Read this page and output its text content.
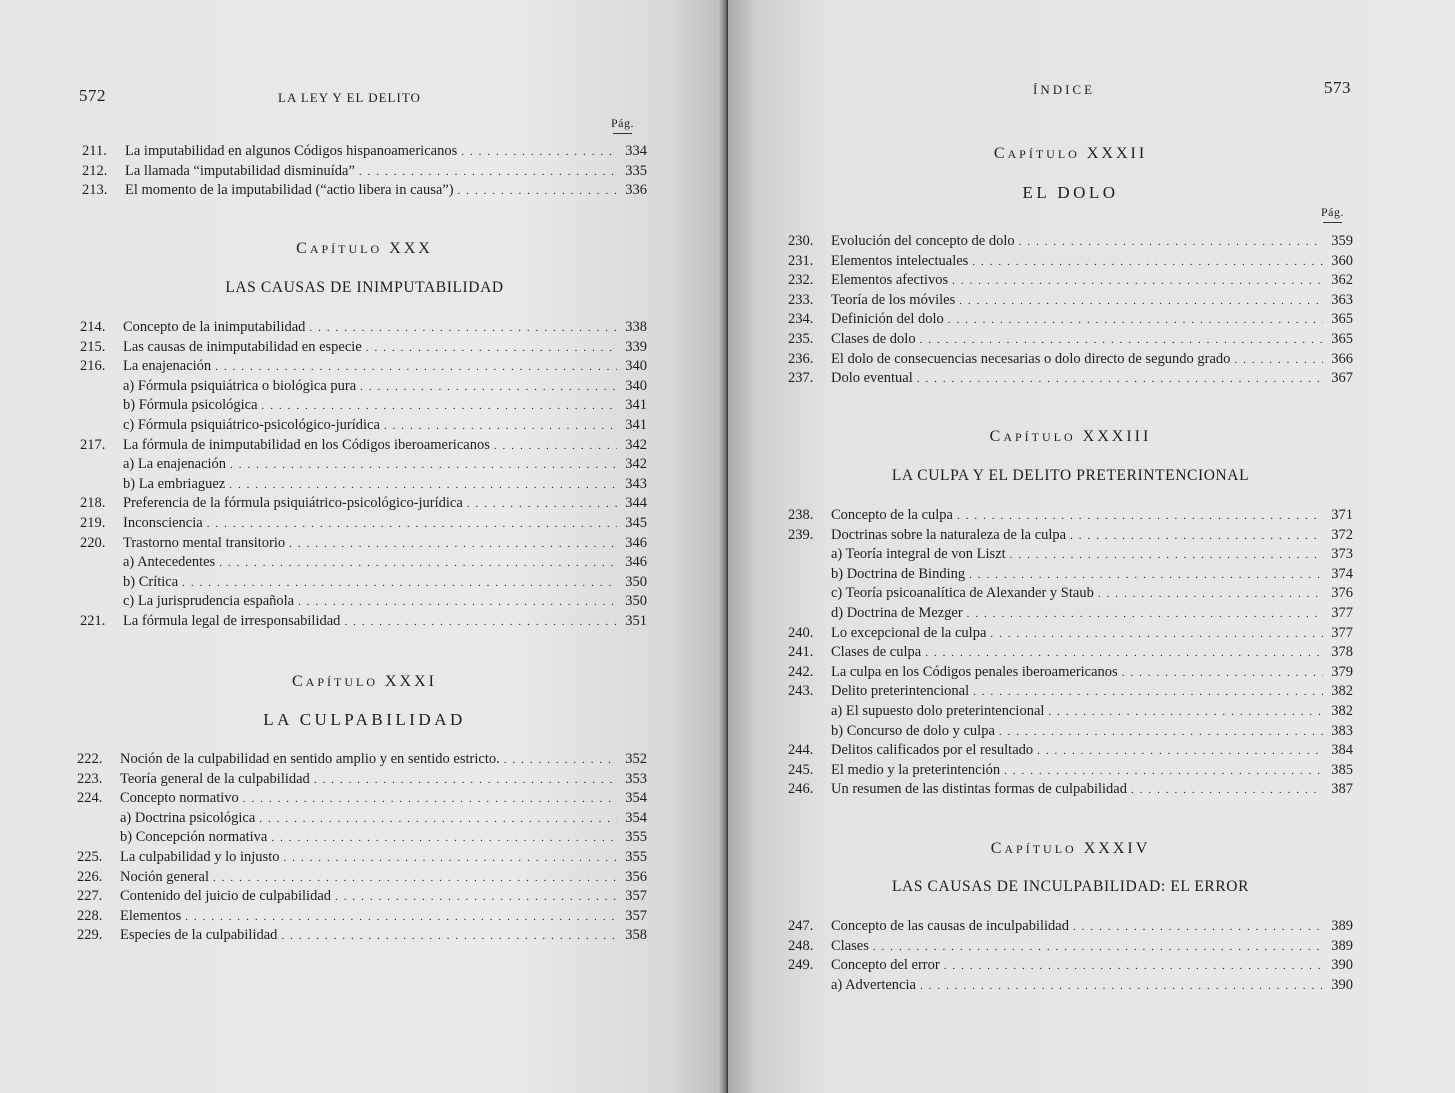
572	LA LEY Y EL DELITO
Pág.
211.	La imputabilidad en algunos Códigos hispanoamericanos . . .	334
212.	La llamada “imputabilidad disminuída” . . .	335
213.	El momento de la imputabilidad (“actio libera in causa”) . . .	336
CAPÍTULO XXX
LAS CAUSAS DE INIMPUTABILIDAD
214.	Concepto de la inimputabilidad . . .	338
215.	Las causas de inimputabilidad en especie . . .	339
216.	La enajenación . . .	340
a) Fórmula psiquiátrica o biológica pura . . .	340
b) Fórmula psicológica . . .	341
c) Fórmula psiquiátrico-psicológico-jurídica . . .	341
217.	La fórmula de inimputabilidad en los Códigos iberoamericanos . . .	342
a) La enajenación . . .	342
b) La embriaguez . . .	343
218.	Preferencia de la fórmula psiquiátrico-psicológico-jurídica . . .	344
219.	Inconsciencia . . .	345
220.	Trastorno mental transitorio . . .	346
a) Antecedentes . . .	346
b) Crítica . . .	350
c) La jurisprudencia española . . .	350
221.	La fórmula legal de irresponsabilidad . . .	351
CAPÍTULO XXXI
LA CULPABILIDAD
222.	Noción de la culpabilidad en sentido amplio y en sentido estricto. . . .	352
223.	Teoría general de la culpabilidad . . .	353
224.	Concepto normativo . . .	354
a) Doctrina psicológica . . .	354
b) Concepción normativa . . .	355
225.	La culpabilidad y lo injusto . . .	355
226.	Noción general . . .	356
227.	Contenido del juicio de culpabilidad . . .	357
228.	Elementos . . .	357
229.	Especies de la culpabilidad . . .	358
ÍNDICE	573
CAPÍTULO XXXII
EL DOLO
Pág.
230.	Evolución del concepto de dolo . . .	359
231.	Elementos intelectuales . . .	360
232.	Elementos afectivos . . .	362
233.	Teoría de los móviles . . .	363
234.	Definición del dolo . . .	365
235.	Clases de dolo . . .	365
236.	El dolo de consecuencias necesarias o dolo directo de segundo grado . . .	366
237.	Dolo eventual . . .	367
CAPÍTULO XXXIII
LA CULPA Y EL DELITO PRETERINTENCIONAL
238.	Concepto de la culpa . . .	371
239.	Doctrinas sobre la naturaleza de la culpa . . .	372
a) Teoría integral de von Liszt . . .	373
b) Doctrina de Binding . . .	374
c) Teoría psicoanalítica de Alexander y Staub . . .	376
d) Doctrina de Mezger . . .	377
240.	Lo excepcional de la culpa . . .	377
241.	Clases de culpa . . .	378
242.	La culpa en los Códigos penales iberoamericanos . . .	379
243.	Delito preterintencional . . .	382
a) El supuesto dolo preterintencional . . .	382
b) Concurso de dolo y culpa . . .	383
244.	Delitos calificados por el resultado . . .	384
245.	El medio y la preterintención . . .	385
246.	Un resumen de las distintas formas de culpabilidad . . .	387
CAPÍTULO XXXIV
LAS CAUSAS DE INCULPABILIDAD: EL ERROR
247.	Concepto de las causas de inculpabilidad . . .	389
248.	Clases . . .	389
249.	Concepto del error . . .	390
a) Advertencia . . .	390
